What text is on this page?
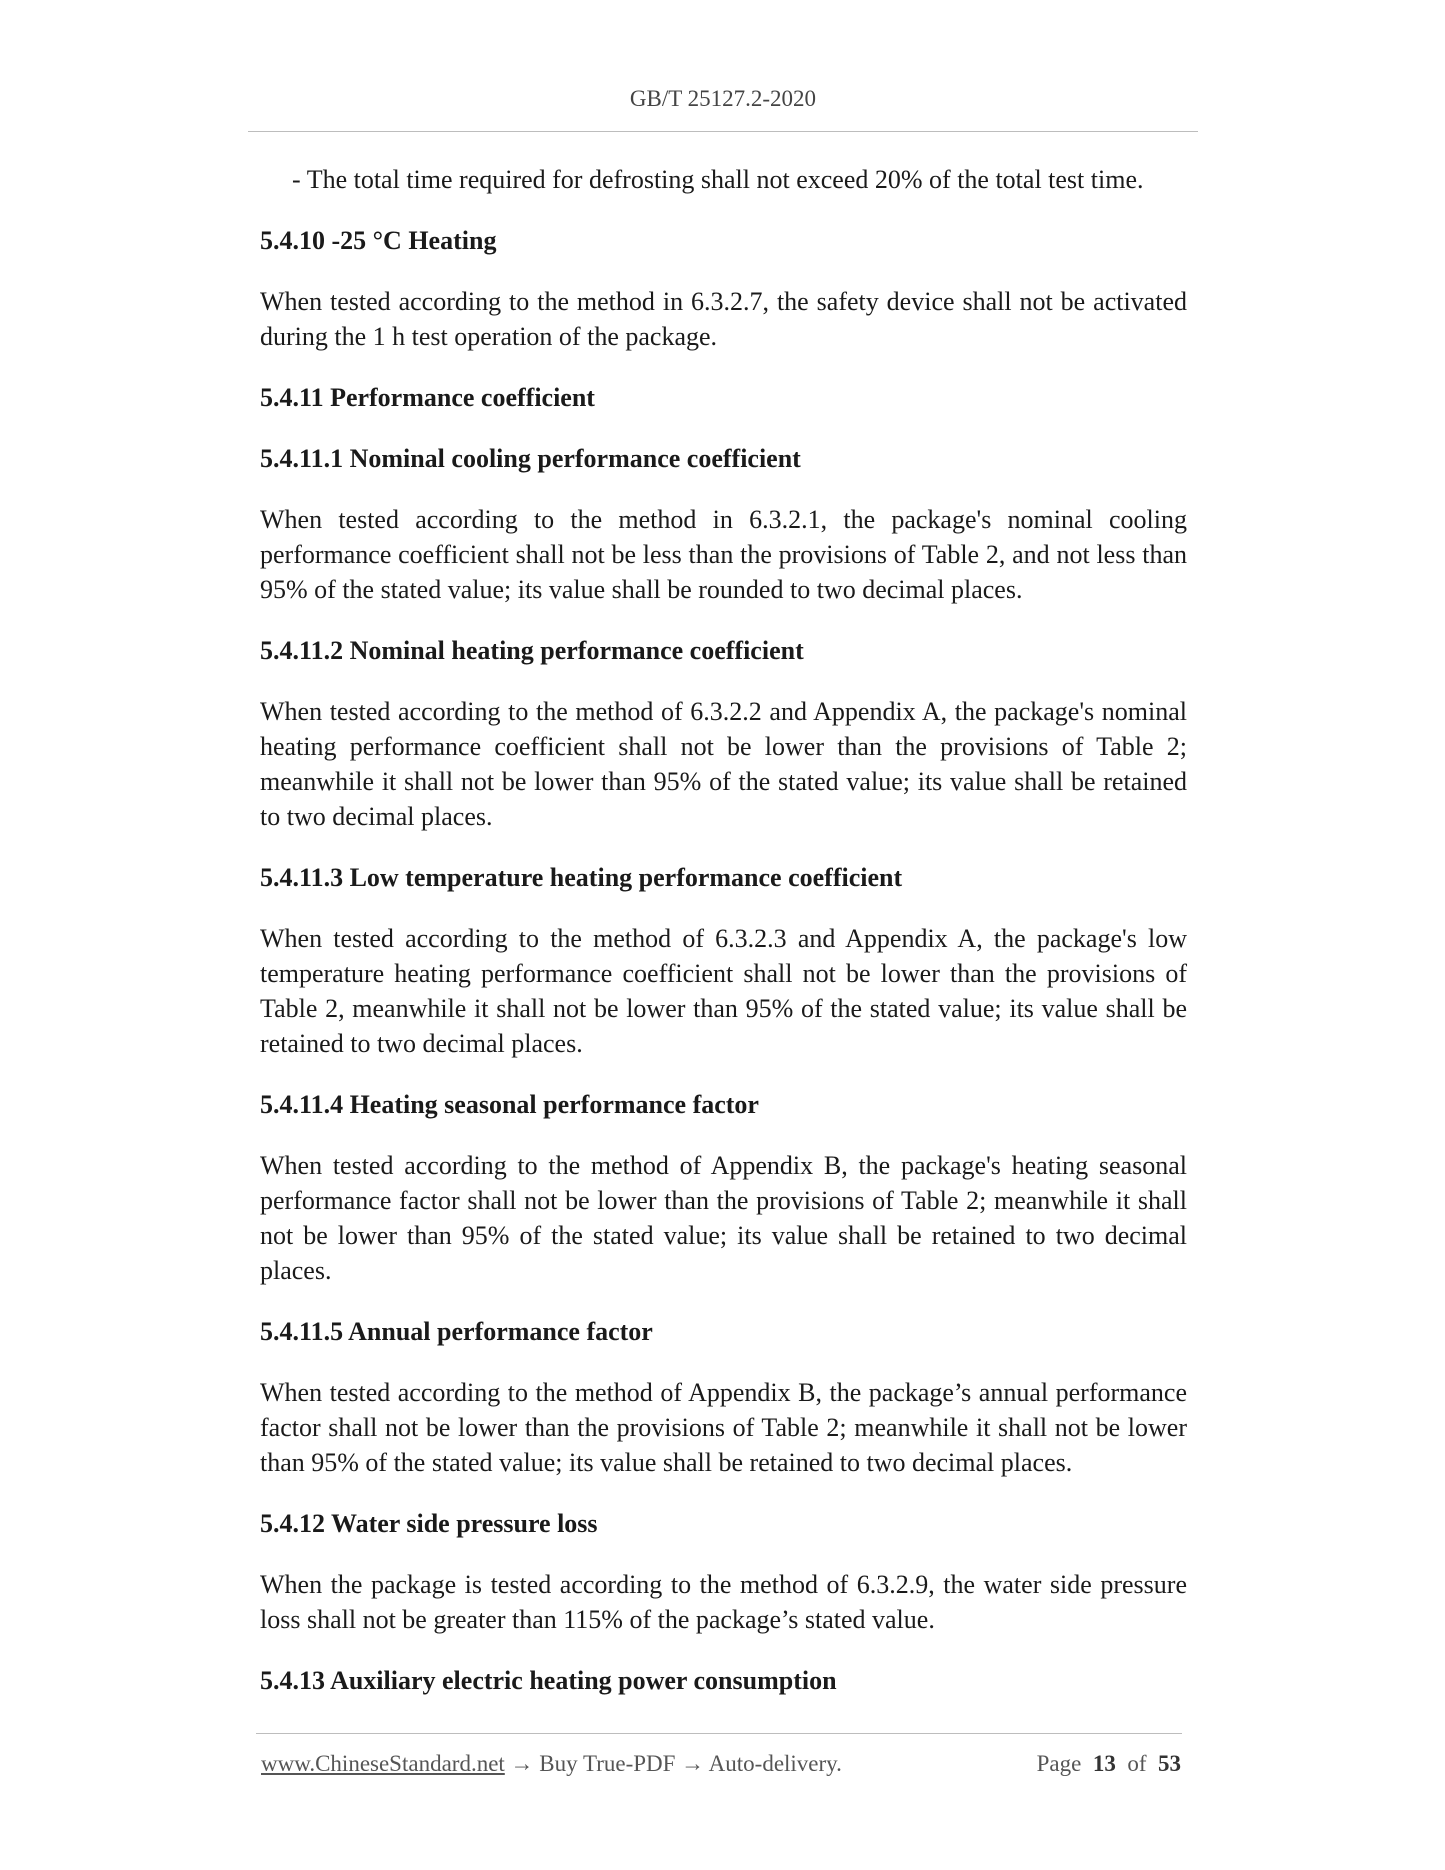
GB/T 25127.2-2020
- The total time required for defrosting shall not exceed 20% of the total test time.
5.4.10 -25 °C Heating
When tested according to the method in 6.3.2.7, the safety device shall not be activated during the 1 h test operation of the package.
5.4.11 Performance coefficient
5.4.11.1 Nominal cooling performance coefficient
When tested according to the method in 6.3.2.1, the package's nominal cooling performance coefficient shall not be less than the provisions of Table 2, and not less than 95% of the stated value; its value shall be rounded to two decimal places.
5.4.11.2 Nominal heating performance coefficient
When tested according to the method of 6.3.2.2 and Appendix A, the package's nominal heating performance coefficient shall not be lower than the provisions of Table 2; meanwhile it shall not be lower than 95% of the stated value; its value shall be retained to two decimal places.
5.4.11.3 Low temperature heating performance coefficient
When tested according to the method of 6.3.2.3 and Appendix A, the package's low temperature heating performance coefficient shall not be lower than the provisions of Table 2, meanwhile it shall not be lower than 95% of the stated value; its value shall be retained to two decimal places.
5.4.11.4 Heating seasonal performance factor
When tested according to the method of Appendix B, the package's heating seasonal performance factor shall not be lower than the provisions of Table 2; meanwhile it shall not be lower than 95% of the stated value; its value shall be retained to two decimal places.
5.4.11.5 Annual performance factor
When tested according to the method of Appendix B, the package’s annual performance factor shall not be lower than the provisions of Table 2; meanwhile it shall not be lower than 95% of the stated value; its value shall be retained to two decimal places.
5.4.12 Water side pressure loss
When the package is tested according to the method of 6.3.2.9, the water side pressure loss shall not be greater than 115% of the package’s stated value.
5.4.13 Auxiliary electric heating power consumption
www.ChineseStandard.net → Buy True-PDF → Auto-delivery.	Page 13 of 53
